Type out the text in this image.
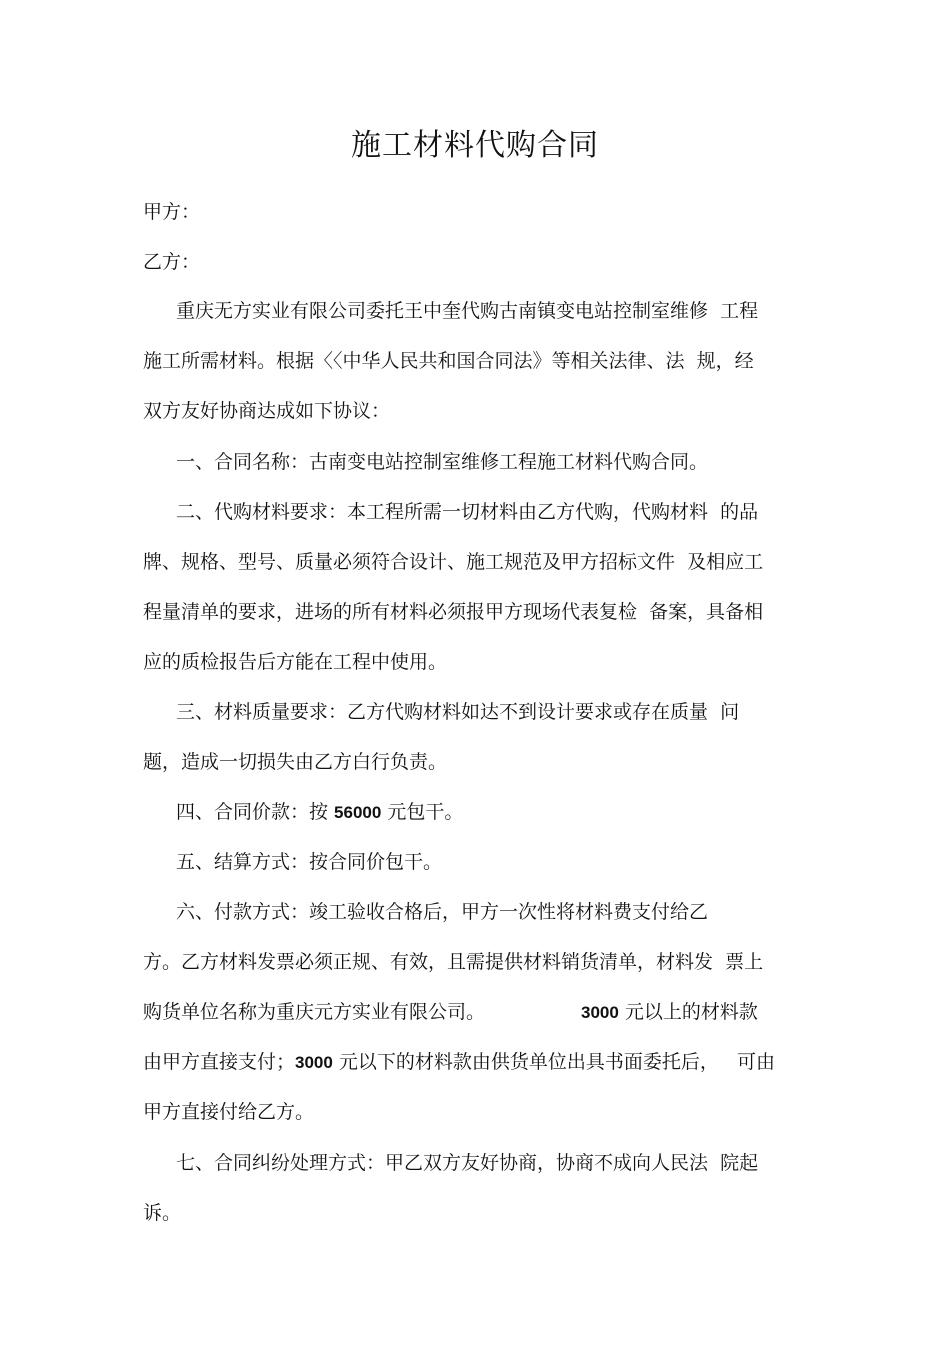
施工材料代购合同
甲方：
乙方：
重庆无方实业有限公司委托王中奎代购古南镇变电站控制室维修  工程
施工所需材料。根据〈〈中华人民共和国合同法》等相关法律、法  规，经
双方友好协商达成如下协议：
一、合同名称：古南变电站控制室维修工程施工材料代购合同。
二、代购材料要求：本工程所需一切材料由乙方代购，代购材料  的品
牌、规格、型号、质量必须符合设计、施工规范及甲方招标文件  及相应工
程量清单的要求，进场的所有材料必须报甲方现场代表复检  备案，具备相
应的质检报告后方能在工程中使用。
三、材料质量要求：乙方代购材料如达不到设计要求或存在质量  问
题，造成一切损失由乙方白行负责。
四、合同价款：按 56000 元包干。
五、结算方式：按合同价包干。
六、付款方式：竣工验收合格后，甲方一次性将材料费支付给乙
方。乙方材料发票必须正规、有效，且需提供材料销货清单，材料发  票上
购货单位名称为重庆元方实业有限公司。	3000 元以上的材料款
由甲方直接支付；3000 元以下的材料款由供货单位出具书面委托后，   可由
甲方直接付给乙方。
七、合同纠纷处理方式：甲乙双方友好协商，协商不成向人民法  院起
诉。
